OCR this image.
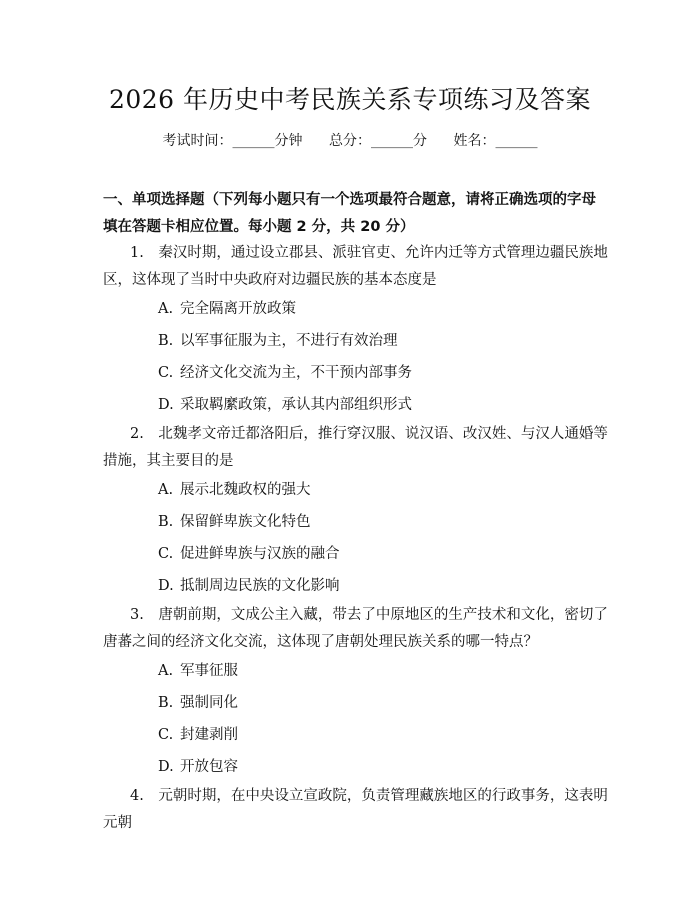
2026 年历史中考民族关系专项练习及答案
考试时间：______分钟 总分：______分 姓名：______

一、单项选择题（下列每小题只有一个选项最符合题意，请将正确选项的字母填在答题卡相应位置。每小题 2 分，共 20 分）

1.　秦汉时期，通过设立郡县、派驻官吏、允许内迁等方式管理边疆民族地区，这体现了当时中央政府对边疆民族的基本态度是

A. 完全隔离开放政策

B. 以军事征服为主，不进行有效治理

C. 经济文化交流为主，不干预内部事务

D. 采取羁縻政策，承认其内部组织形式

2.　北魏孝文帝迁都洛阳后，推行穿汉服、说汉语、改汉姓、与汉人通婚等措施，其主要目的是

A. 展示北魏政权的强大

B. 保留鲜卑族文化特色

C. 促进鲜卑族与汉族的融合

D. 抵制周边民族的文化影响

3.　唐朝前期，文成公主入藏，带去了中原地区的生产技术和文化，密切了唐蕃之间的经济文化交流，这体现了唐朝处理民族关系的哪一特点？

A. 军事征服

B. 强制同化

C. 封建剥削

D. 开放包容

4.　元朝时期，在中央设立宣政院，负责管理藏族地区的行政事务，这表明元朝
